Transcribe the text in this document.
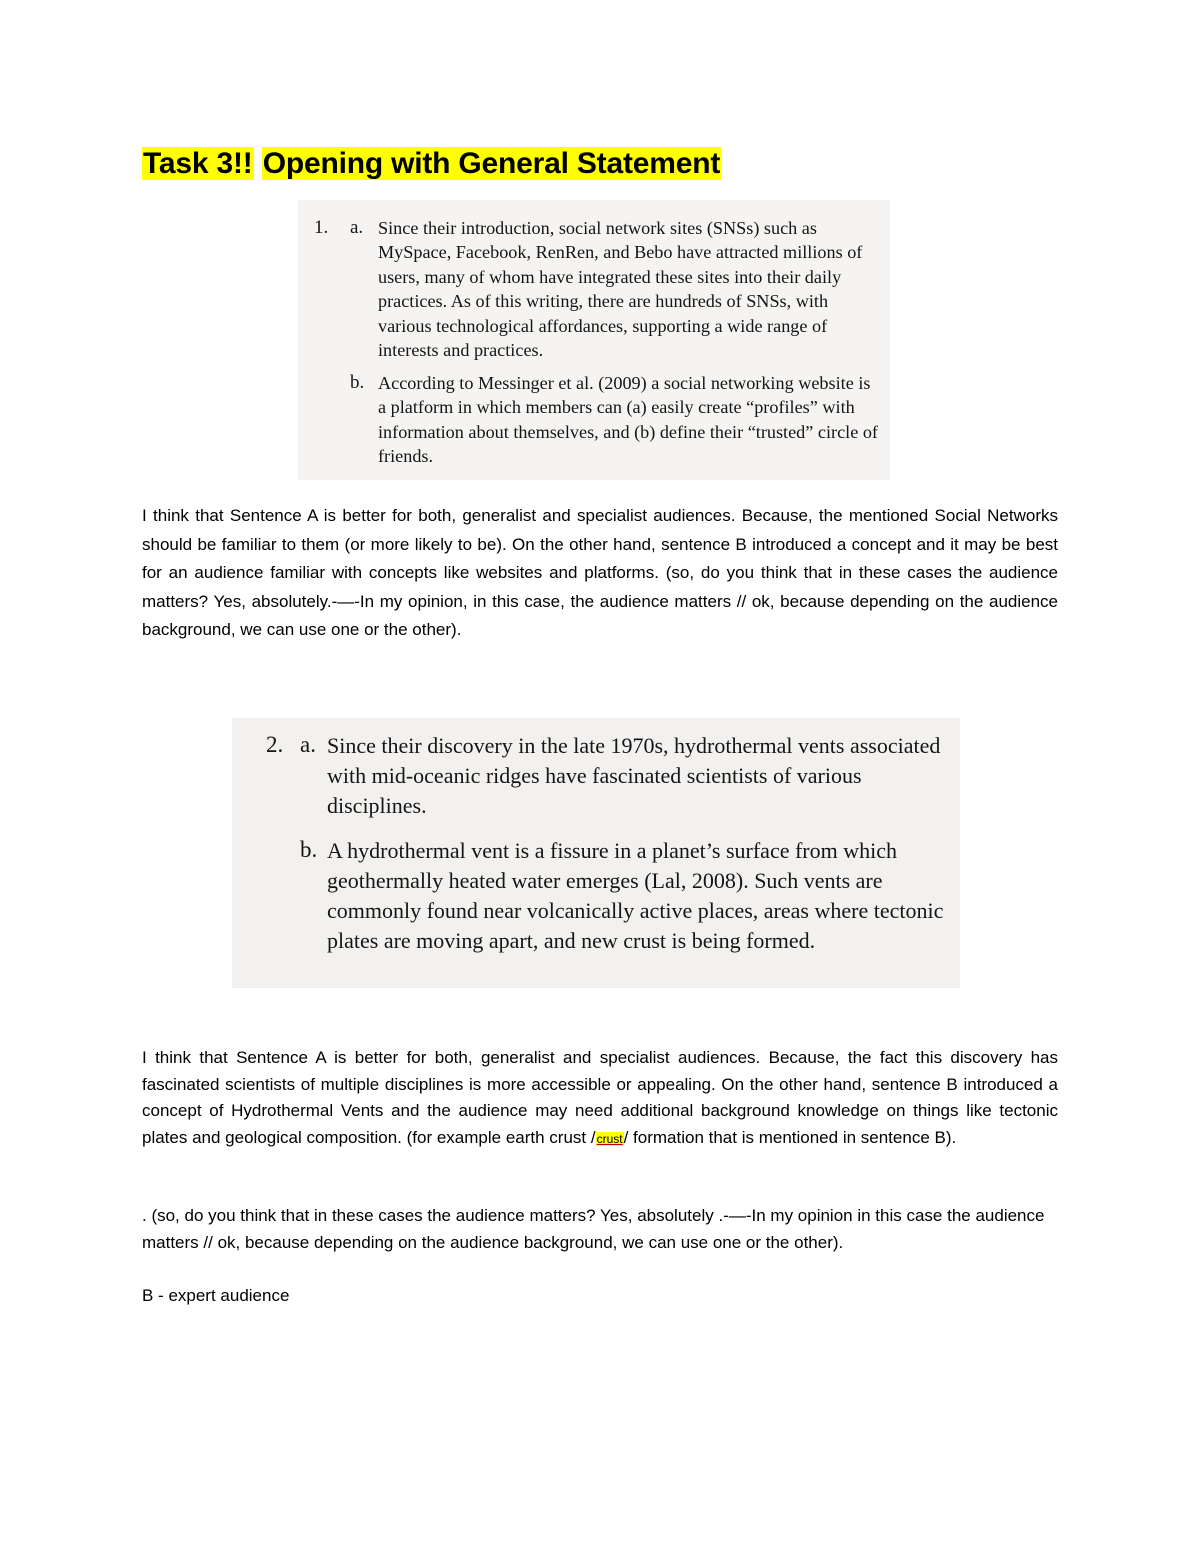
Task 3!! Opening with General Statement
1. a. Since their introduction, social network sites (SNSs) such as MySpace, Facebook, RenRen, and Bebo have attracted millions of users, many of whom have integrated these sites into their daily practices. As of this writing, there are hundreds of SNSs, with various technological affordances, supporting a wide range of interests and practices.

b. According to Messinger et al. (2009) a social networking website is a platform in which members can (a) easily create “profiles” with information about themselves, and (b) define their “trusted” circle of friends.

I think that Sentence A is better for both, generalist and specialist audiences. Because, the mentioned Social Networks should be familiar to them (or more likely to be). On the other hand, sentence B introduced a concept and it may be best for an audience familiar with concepts like websites and platforms. (so, do you think that in these cases the audience matters? Yes, absolutely.-—-In my opinion, in this case, the audience matters // ok, because depending on the audience background, we can use one or the other).

2. a. Since their discovery in the late 1970s, hydrothermal vents associated with mid-oceanic ridges have fascinated scientists of various disciplines.

b. A hydrothermal vent is a fissure in a planet’s surface from which geothermally heated water emerges (Lal, 2008). Such vents are commonly found near volcanically active places, areas where tectonic plates are moving apart, and new crust is being formed.

I think that Sentence A is better for both, generalist and specialist audiences. Because, the fact this discovery has fascinated scientists of multiple disciplines is more accessible or appealing. On the other hand, sentence B introduced a concept of Hydrothermal Vents and the audience may need additional background knowledge on things like tectonic plates and geological composition. (for example earth crust /crust/ formation that is mentioned in sentence B).

. (so, do you think that in these cases the audience matters? Yes, absolutely .-—-In my opinion in this case the audience matters // ok, because depending on the audience background, we can use one or the other).

B - expert audience
